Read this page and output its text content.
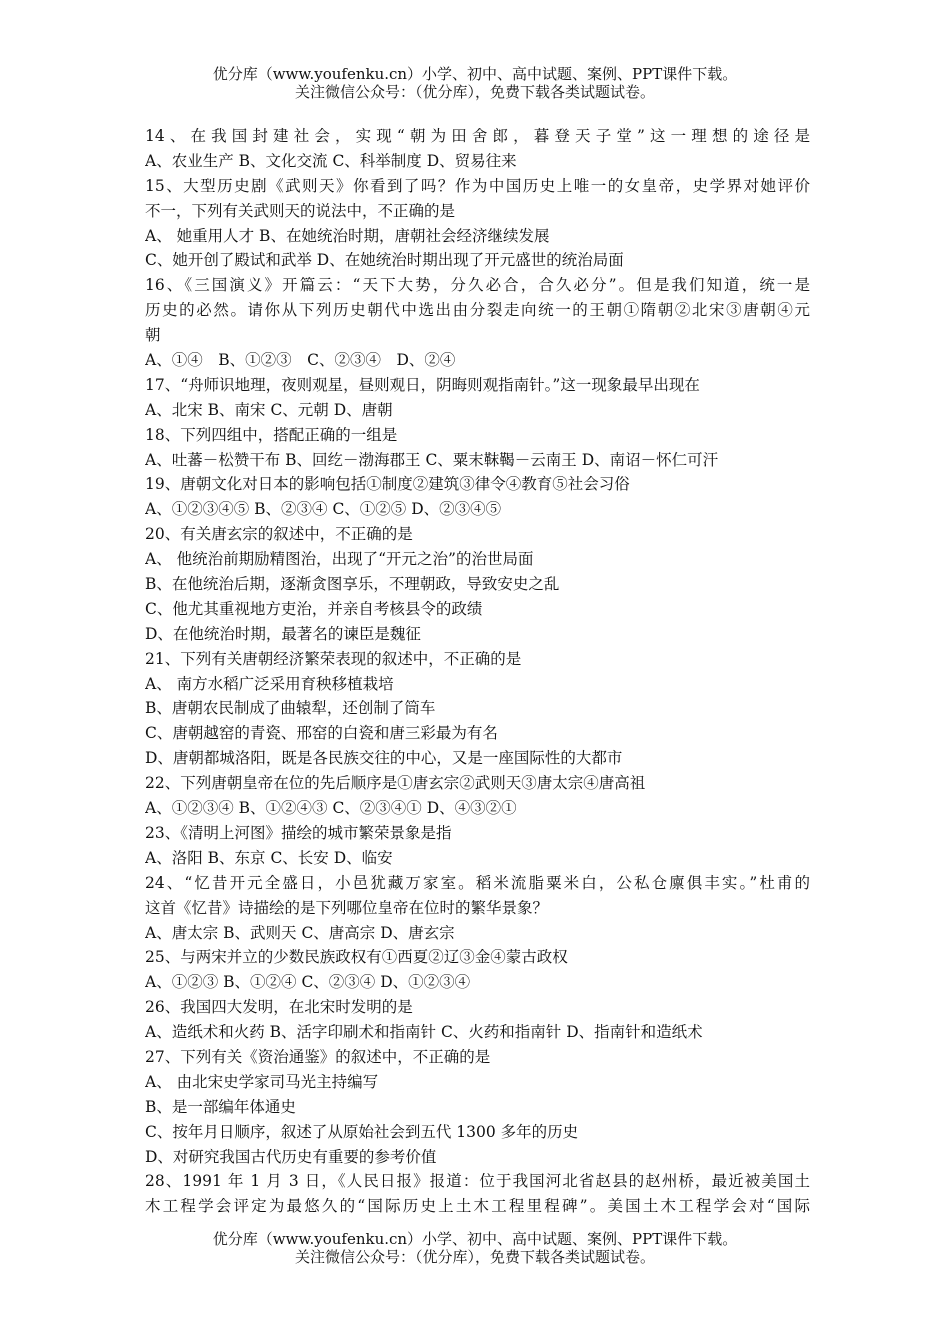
优分库（www.youfenku.cn）小学、初中、高中试题、案例、PPT课件下载。
关注微信公众号：（优分库），免费下载各类试题试卷。
14、在我国封建社会，实现“朝为田舍郎，暮登天子堂”这一理想的途径是
A、农业生产 B、文化交流 C、科举制度 D、贸易往来
15、大型历史剧《武则天》你看到了吗？作为中国历史上唯一的女皇帝，史学界对她评价
不一，下列有关武则天的说法中，不正确的是
A、 她重用人才 B、在她统治时期，唐朝社会经济继续发展
C、她开创了殿试和武举 D、在她统治时期出现了开元盛世的统治局面
16、《三国演义》开篇云：“天下大势，分久必合，合久必分”。但是我们知道，统一是
历史的必然。请你从下列历史朝代中选出由分裂走向统一的王朝①隋朝②北宋③唐朝④元
朝
A、①④　B、①②③　C、②③④　D、②④
17、“舟师识地理，夜则观星，昼则观日，阴晦则观指南针。”这一现象最早出现在
A、北宋 B、南宋 C、元朝 D、唐朝
18、下列四组中，搭配正确的一组是
A、吐蕃－松赞干布 B、回纥－渤海郡王 C、粟末靺鞨－云南王 D、南诏－怀仁可汗
19、唐朝文化对日本的影响包括①制度②建筑③律令④教育⑤社会习俗
A、①②③④⑤ B、②③④ C、①②⑤ D、②③④⑤
20、有关唐玄宗的叙述中，不正确的是
A、 他统治前期励精图治，出现了“开元之治”的治世局面
B、在他统治后期，逐渐贪图享乐，不理朝政，导致安史之乱
C、他尤其重视地方吏治，并亲自考核县令的政绩
D、在他统治时期，最著名的谏臣是魏征
21、下列有关唐朝经济繁荣表现的叙述中，不正确的是
A、 南方水稻广泛采用育秧移植栽培
B、唐朝农民制成了曲辕犁，还创制了筒车
C、唐朝越窑的青瓷、邢窑的白瓷和唐三彩最为有名
D、唐朝都城洛阳，既是各民族交往的中心，又是一座国际性的大都市
22、下列唐朝皇帝在位的先后顺序是①唐玄宗②武则天③唐太宗④唐高祖
A、①②③④ B、①②④③ C、②③④① D、④③②①
23、《清明上河图》描绘的城市繁荣景象是指
A、洛阳 B、东京 C、长安 D、临安
24、“忆昔开元全盛日，小邑犹藏万家室。稻米流脂粟米白，公私仓廪俱丰实。”杜甫的
这首《忆昔》诗描绘的是下列哪位皇帝在位时的繁华景象？
A、唐太宗 B、武则天 C、唐高宗 D、唐玄宗
25、与两宋并立的少数民族政权有①西夏②辽③金④蒙古政权
A、①②③ B、①②④ C、②③④ D、①②③④
26、我国四大发明，在北宋时发明的是
A、造纸术和火药 B、活字印刷术和指南针 C、火药和指南针 D、指南针和造纸术
27、下列有关《资治通鉴》的叙述中，不正确的是
A、 由北宋史学家司马光主持编写
B、是一部编年体通史
C、按年月日顺序，叙述了从原始社会到五代 1300 多年的历史
D、对研究我国古代历史有重要的参考价值
28、1991 年 1 月 3 日，《人民日报》报道：位于我国河北省赵县的赵州桥，最近被美国土
木工程学会评定为最悠久的“国际历史上土木工程里程碑”。美国土木工程学会对“国际
优分库（www.youfenku.cn）小学、初中、高中试题、案例、PPT课件下载。
关注微信公众号：（优分库），免费下载各类试题试卷。
